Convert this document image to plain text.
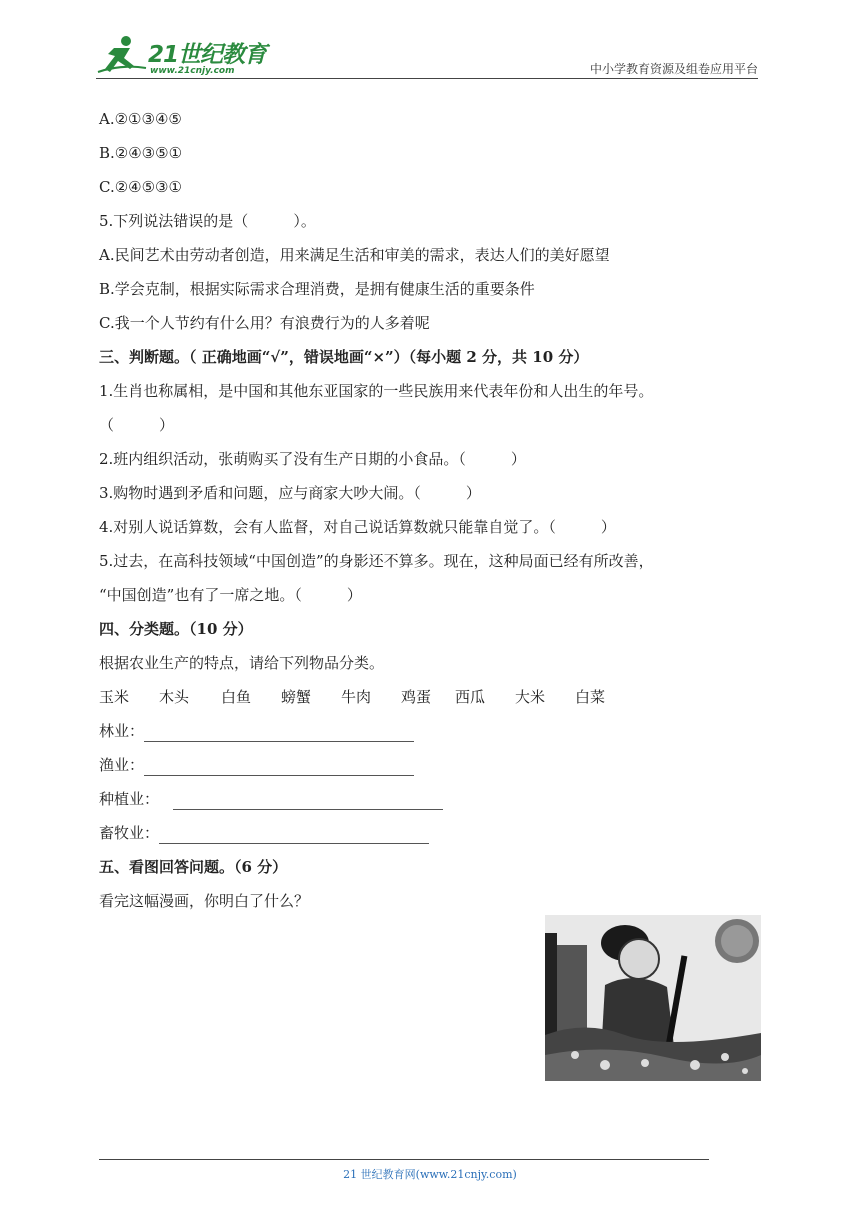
21世纪教育
www.21cnjy.com	中小学教育资源及组卷应用平台
A.②①③④⑤
B.②④③⑤①
C.②④⑤③①
5.下列说法错误的是（　　　）。
A.民间艺术由劳动者创造，用来满足生活和审美的需求，表达人们的美好愿望
B.学会克制，根据实际需求合理消费，是拥有健康生活的重要条件
C.我一个人节约有什么用？有浪费行为的人多着呢
三、判断题。（ 正确地画“√”，错误地画“×”）（每小题 2 分，共 10 分）
1.生肖也称属相，是中国和其他东亚国家的一些民族用来代表年份和人出生的年号。
（　　　）
2.班内组织活动，张萌购买了没有生产日期的小食品。（　　　）
3.购物时遇到矛盾和问题，应与商家大吵大闹。（　　　）
4.对别人说话算数，会有人监督，对自己说话算数就只能靠自觉了。（　　　）
5.过去，在高科技领域“中国创造”的身影还不算多。现在，这种局面已经有所改善，
“中国创造”也有了一席之地。（　　　）
四、分类题。（10 分）
根据农业生产的特点，请给下列物品分类。
玉米 木头 白鱼 螃蟹 牛肉 鸡蛋 西瓜 大米 白菜
林业：
渔业：
种植业：
畜牧业：
五、看图回答问题。（6 分）
看完这幅漫画，你明白了什么？
21 世纪教育网(www.21cnjy.com)
